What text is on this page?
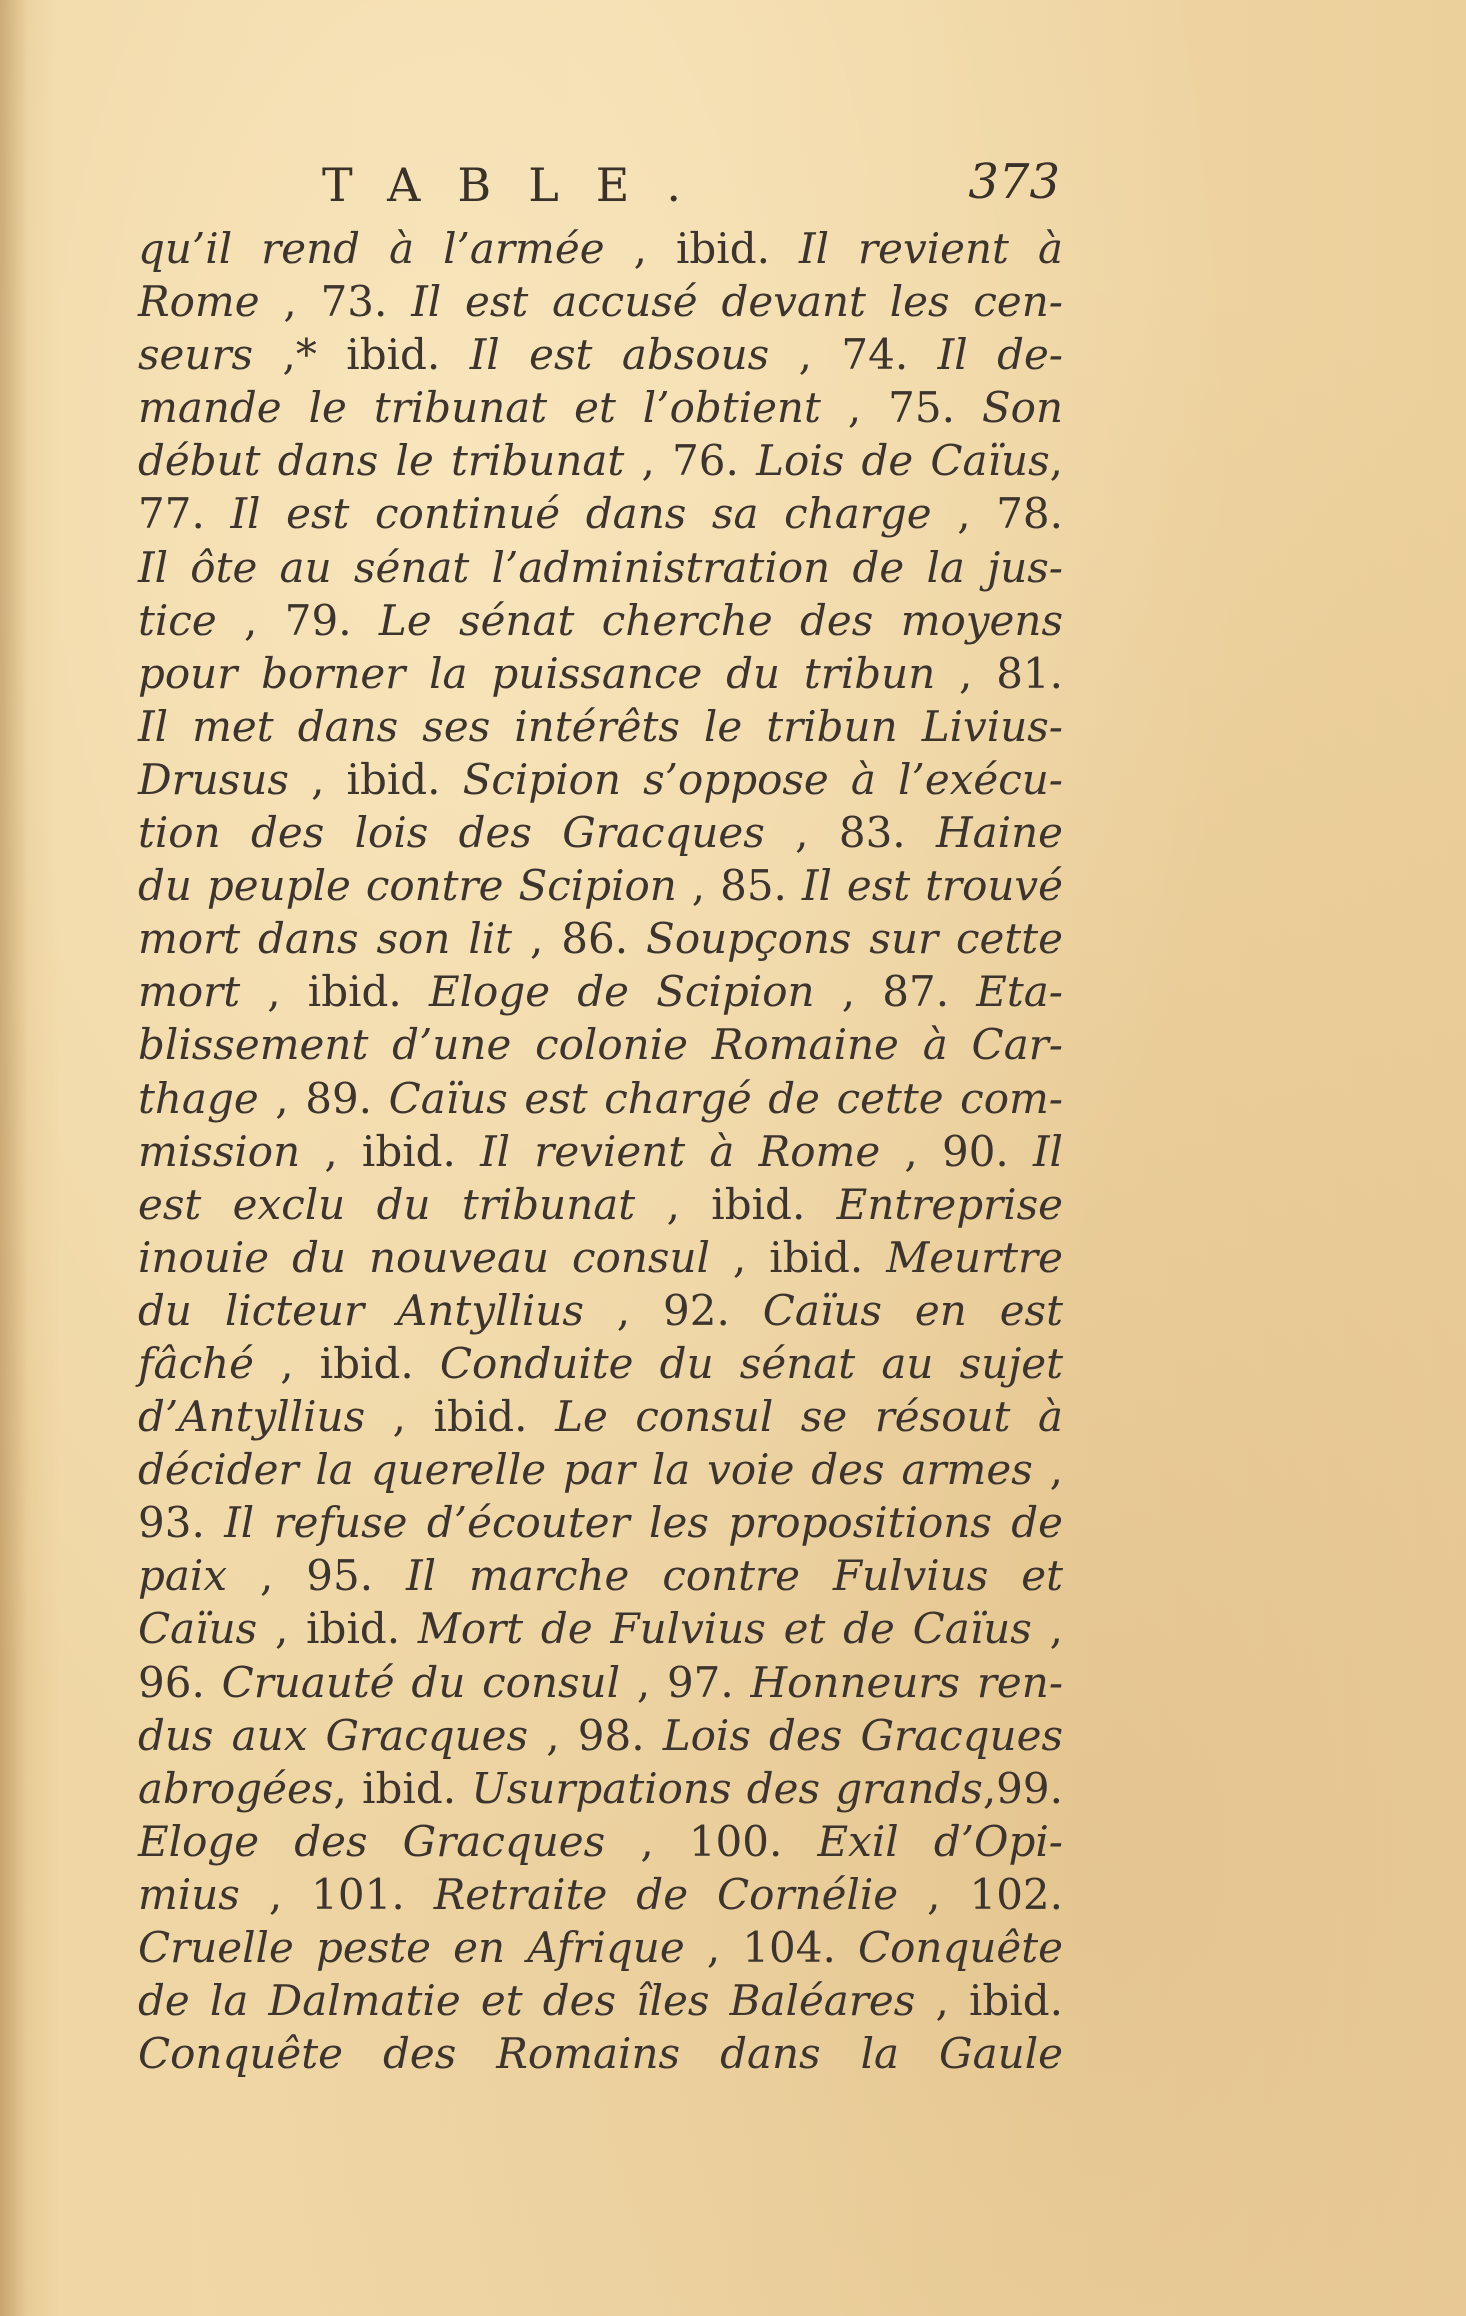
TABLE.	373
qu’il rend à l’armée , ibid. Il revient à
Rome , 73. Il est accusé devant les cen-
seurs ,* ibid. Il est absous , 74. Il de-
mande le tribunat et l’obtient , 75. Son
début dans le tribunat , 76. Lois de Caïus,
77. Il est continué dans sa charge , 78.
Il ôte au sénat l’administration de la jus-
tice , 79. Le sénat cherche des moyens
pour borner la puissance du tribun , 81.
Il met dans ses intérêts le tribun Livius-
Drusus , ibid. Scipion s’oppose à l’exécu-
tion des lois des Gracques , 83. Haine
du peuple contre Scipion , 85. Il est trouvé
mort dans son lit , 86. Soupçons sur cette
mort , ibid. Eloge de Scipion , 87. Eta-
blissement d’une colonie Romaine à Car-
thage , 89. Caïus est chargé de cette com-
mission , ibid. Il revient à Rome , 90. Il
est exclu du tribunat , ibid. Entreprise
inouie du nouveau consul , ibid. Meurtre
du licteur Antyllius , 92. Caïus en est
fâché , ibid. Conduite du sénat au sujet
d’Antyllius , ibid. Le consul se résout à
décider la querelle par la voie des armes ,
93. Il refuse d’écouter les propositions de
paix , 95. Il marche contre Fulvius et
Caïus , ibid. Mort de Fulvius et de Caïus ,
96. Cruauté du consul , 97. Honneurs ren-
dus aux Gracques , 98. Lois des Gracques
abrogées, ibid. Usurpations des grands,99.
Eloge des Gracques , 100. Exil d’Opi-
mius , 101. Retraite de Cornélie , 102.
Cruelle peste en Afrique , 104. Conquête
de la Dalmatie et des îles Baléares , ibid.
Conquête des Romains dans la Gaule
